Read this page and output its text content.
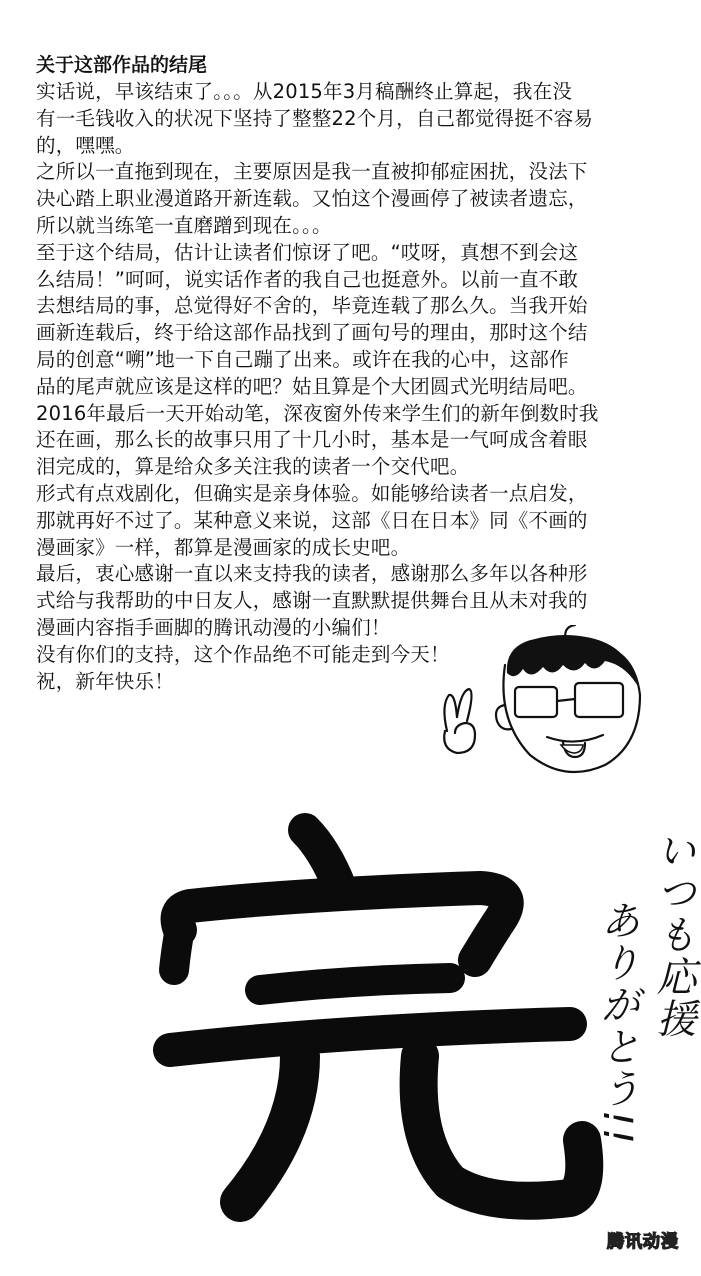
关于这部作品的结尾

实话说，早该结束了。。。从2015年3月稿酬终止算起，我在没

有一毛钱收入的状况下坚持了整整22个月，自己都觉得挺不容易

的，嘿嘿。

之所以一直拖到现在，主要原因是我一直被抑郁症困扰，没法下

决心踏上职业漫道路开新连载。又怕这个漫画停了被读者遗忘，

所以就当练笔一直磨蹭到现在。。。

至于这个结局，估计让读者们惊讶了吧。“哎呀，真想不到会这

么结局！”呵呵，说实话作者的我自己也挺意外。以前一直不敢

去想结局的事，总觉得好不舍的，毕竟连载了那么久。当我开始

画新连载后，终于给这部作品找到了画句号的理由，那时这个结

局的创意“嗍”地一下自己蹦了出来。或许在我的心中，这部作

品的尾声就应该是这样的吧？姑且算是个大团圆式光明结局吧。

2016年最后一天开始动笔，深夜窗外传来学生们的新年倒数时我

还在画，那么长的故事只用了十几小时，基本是一气呵成含着眼

泪完成的，算是给众多关注我的读者一个交代吧。

形式有点戏剧化，但确实是亲身体验。如能够给读者一点启发，

那就再好不过了。某种意义来说，这部《日在日本》同《不画的

漫画家》一样，都算是漫画家的成长史吧。

最后，衷心感谢一直以来支持我的读者，感谢那么多年以各种形

式给与我帮助的中日友人，感谢一直默默提供舞台且从未对我的

漫画内容指手画脚的腾讯动漫的小编们！

没有你们的支持，这个作品绝不可能走到今天！

祝，新年快乐！

いつも応援
ありがとう!!
腾讯动漫
